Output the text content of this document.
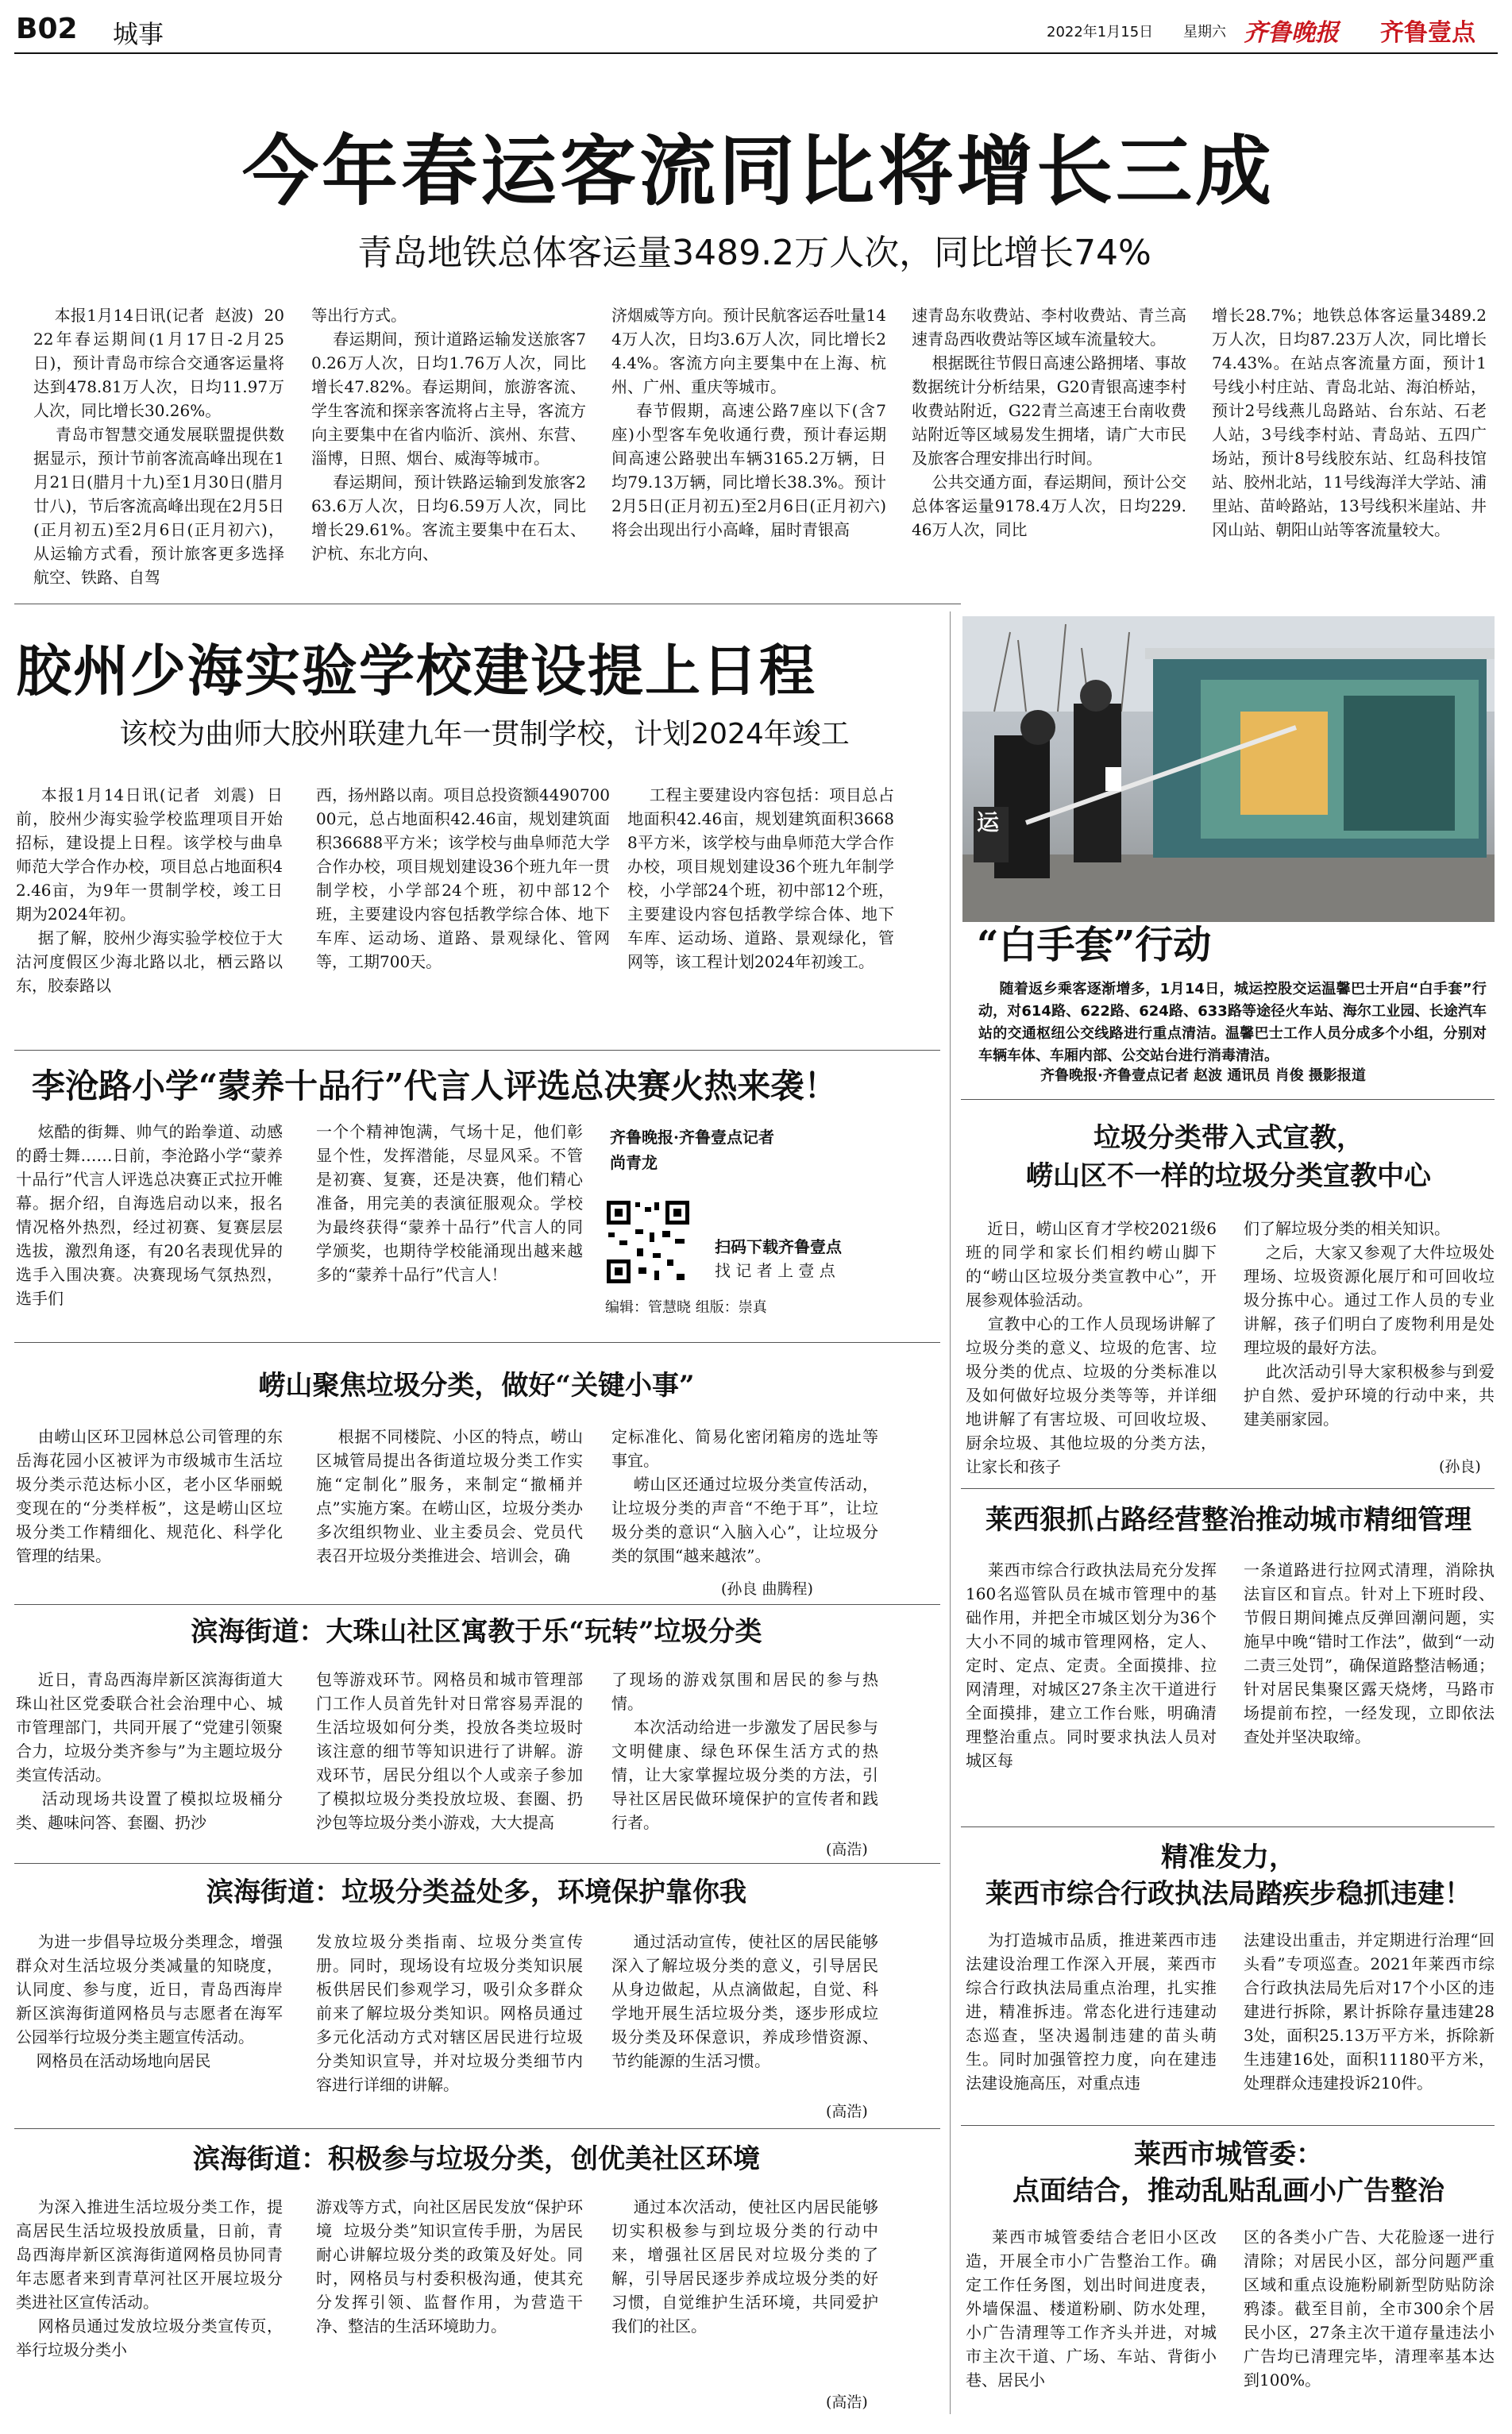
B02 城事	2022年1月15日 星期六 齐鲁晚报 齐鲁壹点
今年春运客流同比将增长三成
青岛地铁总体客运量3489.2万人次，同比增长74%
本报1月14日讯(记者  赵波)  2022年春运期间(1月17日-2月25日)，预计青岛市综合交通客运量将达到478.81万人次，日均11.97万人次，同比增长30.26%。
青岛市智慧交通发展联盟提供数据显示，预计节前客流高峰出现在1月21日(腊月十九)至1月30日(腊月廿八)，节后客流高峰出现在2月5日(正月初五)至2月6日(正月初六)，从运输方式看，预计旅客更多选择航空、铁路、自驾
等出行方式。
春运期间，预计道路运输发送旅客70.26万人次，日均1.76万人次，同比增长47.82%。春运期间，旅游客流、学生客流和探亲客流将占主导，客流方向主要集中在省内临沂、滨州、东营、淄博，日照、烟台、威海等城市。
春运期间，预计铁路运输到发旅客263.6万人次，日均6.59万人次，同比增长29.61%。客流主要集中在石太、沪杭、东北方向、
济烟威等方向。预计民航客运吞吐量144万人次，日均3.6万人次，同比增长24.4%。客流方向主要集中在上海、杭州、广州、重庆等城市。
春节假期，高速公路7座以下(含7座)小型客车免收通行费，预计春运期间高速公路驶出车辆3165.2万辆，日均79.13万辆，同比增长38.3%。预计2月5日(正月初五)至2月6日(正月初六)将会出现出行小高峰，届时青银高
速青岛东收费站、李村收费站、青兰高速青岛西收费站等区域车流量较大。
根据既往节假日高速公路拥堵、事故数据统计分析结果，G20青银高速李村收费站附近，G22青兰高速王台南收费站附近等区域易发生拥堵，请广大市民及旅客合理安排出行时间。
公共交通方面，春运期间，预计公交总体客运量9178.4万人次，日均229.46万人次，同比
增长28.7%；地铁总体客运量3489.2万人次，日均87.23万人次，同比增长74.43%。在站点客流量方面，预计1号线小村庄站、青岛北站、海泊桥站，预计2号线燕儿岛路站、台东站、石老人站，3号线李村站、青岛站、五四广场站，预计8号线胶东站、红岛科技馆站、胶州北站，11号线海洋大学站、浦里站、苗岭路站，13号线积米崖站、井冈山站、朝阳山站等客流量较大。
运
“白手套”行动
随着返乡乘客逐渐增多，1月14日，城运控股交运温馨巴士开启“白手套”行动，对614路、622路、624路、633路等途径火车站、海尔工业园、长途汽车站的交通枢纽公交线路进行重点清洁。温馨巴士工作人员分成多个小组，分别对车辆车体、车厢内部、公交站台进行消毒清洁。
齐鲁晚报·齐鲁壹点记者 赵波 通讯员 肖俊 摄影报道
胶州少海实验学校建设提上日程
该校为曲师大胶州联建九年一贯制学校，计划2024年竣工
本报1月14日讯(记者  刘震)  日前，胶州少海实验学校监理项目开始招标，建设提上日程。该学校与曲阜师范大学合作办校，项目总占地面积42.46亩，为9年一贯制学校，竣工日期为2024年初。
据了解，胶州少海实验学校位于大沽河度假区少海北路以北，栖云路以东，胶泰路以
西，扬州路以南。项目总投资额449070000元，总占地面积42.46亩，规划建筑面积36688平方米；该学校与曲阜师范大学合作办校，项目规划建设36个班九年一贯制学校，小学部24个班，初中部12个班，主要建设内容包括教学综合体、地下车库、运动场、道路、景观绿化、管网等，工期700天。
工程主要建设内容包括：项目总占地面积42.46亩，规划建筑面积36688平方米，该学校与曲阜师范大学合作办校，项目规划建设36个班九年制学校，小学部24个班，初中部12个班，主要建设内容包括教学综合体、地下车库、运动场、道路、景观绿化，管网等，该工程计划2024年初竣工。
李沧路小学“蒙养十品行”代言人评选总决赛火热来袭！
炫酷的街舞、帅气的跆拳道、动感的爵士舞……日前，李沧路小学“蒙养十品行”代言人评选总决赛正式拉开帷幕。据介绍，自海选启动以来，报名情况格外热烈，经过初赛、复赛层层选拔，激烈角逐，有20名表现优异的选手入围决赛。决赛现场气氛热烈，选手们
一个个精神饱满，气场十足，他们彰显个性，发挥潜能，尽显风采。不管是初赛、复赛，还是决赛，他们精心准备，用完美的表演征服观众。学校为最终获得“蒙养十品行”代言人的同学颁奖，也期待学校能涌现出越来越多的“蒙养十品行”代言人！
齐鲁晚报·齐鲁壹点记者
尚青龙
扫码下载齐鲁壹点
找 记 者 上 壹 点
编辑：管慧晓 组版：崇真
崂山聚焦垃圾分类，做好“关键小事”
由崂山区环卫园林总公司管理的东岳海花园小区被评为市级城市生活垃圾分类示范达标小区，老小区华丽蜕变现在的“分类样板”，这是崂山区垃圾分类工作精细化、规范化、科学化管理的结果。
根据不同楼院、小区的特点，崂山区城管局提出各街道垃圾分类工作实施“定制化”服务，来制定“撤桶并点”实施方案。在崂山区，垃圾分类办多次组织物业、业主委员会、党员代表召开垃圾分类推进会、培训会，确
定标准化、简易化密闭箱房的选址等事宜。
崂山区还通过垃圾分类宣传活动，让垃圾分类的声音“不绝于耳”，让垃圾分类的意识“入脑入心”，让垃圾分类的氛围“越来越浓”。
(孙良 曲腾程)
滨海街道：大珠山社区寓教于乐“玩转”垃圾分类
近日，青岛西海岸新区滨海街道大珠山社区党委联合社会治理中心、城市管理部门，共同开展了“党建引领聚合力，垃圾分类齐参与”为主题垃圾分类宣传活动。
活动现场共设置了模拟垃圾桶分类、趣味问答、套圈、扔沙
包等游戏环节。网格员和城市管理部门工作人员首先针对日常容易弄混的生活垃圾如何分类，投放各类垃圾时该注意的细节等知识进行了讲解。游戏环节，居民分组以个人或亲子参加了模拟垃圾分类投放垃圾、套圈、扔沙包等垃圾分类小游戏，大大提高
了现场的游戏氛围和居民的参与热情。
本次活动给进一步激发了居民参与文明健康、绿色环保生活方式的热情，让大家掌握垃圾分类的方法，引导社区居民做环境保护的宣传者和践行者。
(高浩)
滨海街道：垃圾分类益处多，环境保护靠你我
为进一步倡导垃圾分类理念，增强群众对生活垃圾分类减量的知晓度，认同度、参与度，近日，青岛西海岸新区滨海街道网格员与志愿者在海军公园举行垃圾分类主题宣传活动。
网格员在活动场地向居民
发放垃圾分类指南、垃圾分类宣传册。同时，现场设有垃圾分类知识展板供居民们参观学习，吸引众多群众前来了解垃圾分类知识。网格员通过多元化活动方式对辖区居民进行垃圾分类知识宣导，并对垃圾分类细节内容进行详细的讲解。
通过活动宣传，使社区的居民能够深入了解垃圾分类的意义，引导居民从身边做起，从点滴做起，自觉、科学地开展生活垃圾分类，逐步形成垃圾分类及环保意识，养成珍惜资源、节约能源的生活习惯。
(高浩)
滨海街道：积极参与垃圾分类，创优美社区环境
为深入推进生活垃圾分类工作，提高居民生活垃圾投放质量，日前，青岛西海岸新区滨海街道网格员协同青年志愿者来到青草河社区开展垃圾分类进社区宣传活动。
网格员通过发放垃圾分类宣传页，举行垃圾分类小
游戏等方式，向社区居民发放“保护环境  垃圾分类”知识宣传手册，为居民耐心讲解垃圾分类的政策及好处。同时，网格员与村委积极沟通，使其充分发挥引领、监督作用，为营造干净、整洁的生活环境助力。
通过本次活动，使社区内居民能够切实积极参与到垃圾分类的行动中来，增强社区居民对垃圾分类的了解，引导居民逐步养成垃圾分类的好习惯，自觉维护生活环境，共同爱护我们的社区。
(高浩)
垃圾分类带入式宣教，
崂山区不一样的垃圾分类宣教中心
近日，崂山区育才学校2021级6班的同学和家长们相约崂山脚下的“崂山区垃圾分类宣教中心”，开展参观体验活动。
宣教中心的工作人员现场讲解了垃圾分类的意义、垃圾的危害、垃圾分类的优点、垃圾的分类标准以及如何做好垃圾分类等等，并详细地讲解了有害垃圾、可回收垃圾、厨余垃圾、其他垃圾的分类方法，让家长和孩子
们了解垃圾分类的相关知识。
之后，大家又参观了大件垃圾处理场、垃圾资源化展厅和可回收垃圾分拣中心。通过工作人员的专业讲解，孩子们明白了废物利用是处理垃圾的最好方法。
此次活动引导大家积极参与到爱护自然、爱护环境的行动中来，共建美丽家园。
(孙良)
莱西狠抓占路经营整治推动城市精细管理
莱西市综合行政执法局充分发挥160名巡管队员在城市管理中的基础作用，并把全市城区划分为36个大小不同的城市管理网格，定人、定时、定点、定责。全面摸排、拉网清理，对城区27条主次干道进行全面摸排，建立工作台账，明确清理整治重点。同时要求执法人员对城区每
一条道路进行拉网式清理，消除执法盲区和盲点。针对上下班时段、节假日期间摊点反弹回潮问题，实施早中晚“错时工作法”，做到“一动二责三处罚”，确保道路整洁畅通；针对居民集聚区露天烧烤，马路市场提前布控，一经发现，立即依法查处并坚决取缔。
精准发力，
莱西市综合行政执法局踏疾步稳抓违建！
为打造城市品质，推进莱西市违法建设治理工作深入开展，莱西市综合行政执法局重点治理，扎实推进，精准拆违。常态化进行违建动态巡查，坚决遏制违建的苗头萌生。同时加强管控力度，向在建违法建设施高压，对重点违
法建设出重击，并定期进行治理“回头看”专项巡查。2021年莱西市综合行政执法局先后对17个小区的违建进行拆除，累计拆除存量违建283处，面积25.13万平方米，拆除新生违建16处，面积11180平方米，处理群众违建投诉210件。
莱西市城管委：
点面结合，推动乱贴乱画小广告整治
莱西市城管委结合老旧小区改造，开展全市小广告整治工作。确定工作任务图，划出时间进度表，外墙保温、楼道粉刷、防水处理，小广告清理等工作齐头并进，对城市主次干道、广场、车站、背街小巷、居民小
区的各类小广告、大花脸逐一进行清除；对居民小区，部分问题严重区域和重点设施粉刷新型防贴防涂鸦漆。截至目前，全市300余个居民小区，27条主次干道存量违法小广告均已清理完毕，清理率基本达到100%。
